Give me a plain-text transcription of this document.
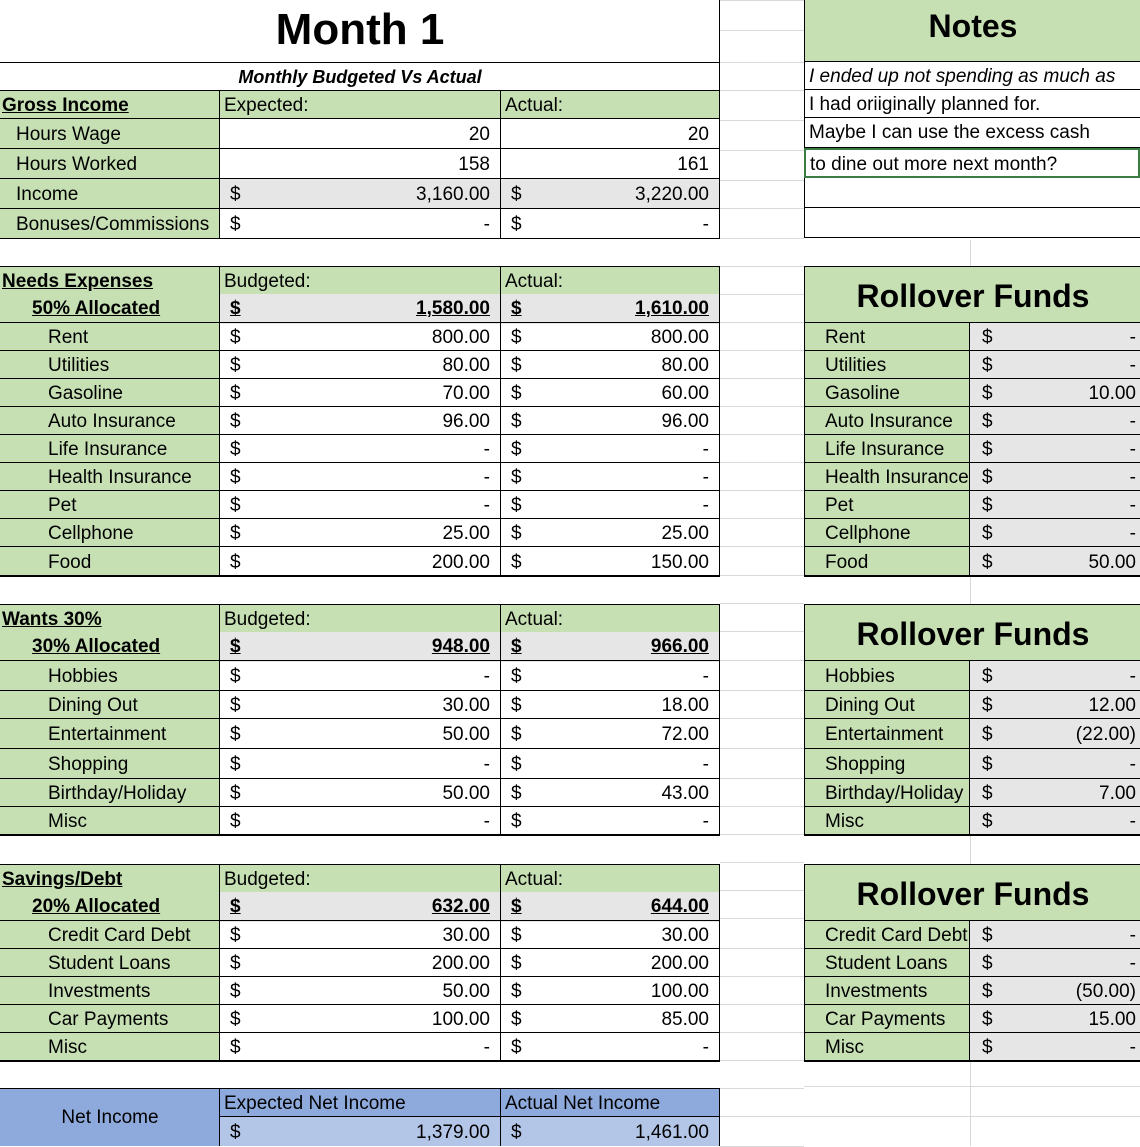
Month 1
Monthly Budgeted Vs Actual
Gross Income	Expected:	Actual:
Hours Wage	20	20
Hours Worked	158	161
Income	$	3,160.00 $	3,220.00
Bonuses/Commissions $	- $	-
Needs Expenses	Budgeted:	Actual:
50% Allocated	$	1,580.00 $	1,610.00
Rent	$	800.00 $	800.00
Utilities	$	80.00 $	80.00
Gasoline	$	70.00 $	60.00
Auto Insurance	$	96.00 $	96.00
Life Insurance	$	- $	-
Health Insurance $	- $	-
Pet	$	- $	-
Cellphone	$	25.00 $	25.00
Food	$	200.00 $	150.00
Wants 30%	Budgeted:	Actual:
30% Allocated	$	948.00 $	966.00
Hobbies	$	- $	-
Dining Out	$	30.00 $	18.00
Entertainment	$	50.00 $	72.00
Shopping	$	- $	-
Birthday/Holiday $	50.00 $	43.00
Misc	$	- $	-
Savings/Debt	Budgeted:	Actual:
20% Allocated	$	632.00 $	644.00
Credit Card Debt $	30.00 $	30.00
Student Loans	$	200.00 $	200.00
Investments	$	50.00 $	100.00
Car Payments	$	100.00 $	85.00
Misc	$	- $	-
Net Income
Expected Net Income	Actual Net Income
$	1,379.00 $	1,461.00
Notes
I ended up not spending as much as
I had oriiginally planned for.
Maybe I can use the excess cash
to dine out more next month?
Rollover Funds
Rent	$	-
Utilities	$	-
Gasoline	$	10.00
Auto Insurance $	-
Life Insurance $	-
Health Insurance $	-
Pet	$	-
Cellphone	$	-
Food	$	50.00
Rollover Funds
Hobbies	$	-
Dining Out	$	12.00
Entertainment $	(22.00)
Shopping	$	-
Birthday/Holiday $	7.00
Misc	$	-
Rollover Funds
Credit Card Debt $	-
Student Loans $	-
Investments	$	(50.00)
Car Payments $	15.00
Misc	$	-
